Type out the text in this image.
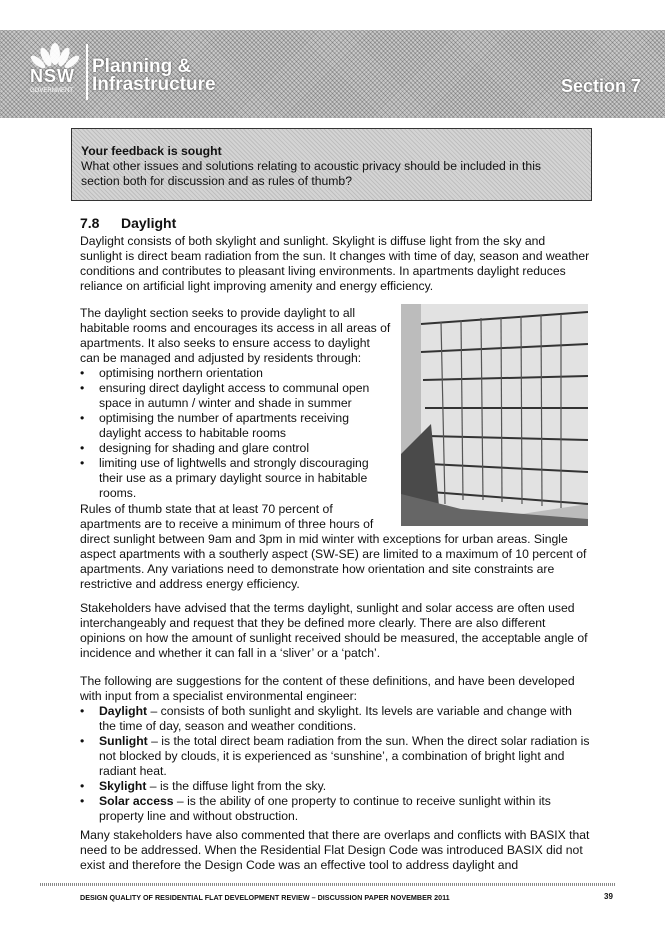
NSW
GOVERNMENT
Planning &
Infrastructure	Section 7
Your feedback is sought
What other issues and solutions relating to acoustic privacy should be included in this section both for discussion and as rules of thumb?
7.8 Daylight
Daylight consists of both skylight and sunlight. Skylight is diffuse light from the sky and sunlight is direct beam radiation from the sun. It changes with time of day, season and weather conditions and contributes to pleasant living environments. In apartments daylight reduces reliance on artificial light improving amenity and energy efficiency.
The daylight section seeks to provide daylight to all habitable rooms and encourages its access in all areas of apartments. It also seeks to ensure access to daylight can be managed and adjusted by residents through:
• optimising northern orientation
• ensuring direct daylight access to communal open space in autumn / winter and shade in summer
• optimising the number of apartments receiving daylight access to habitable rooms
• designing for shading and glare control
• limiting use of lightwells and strongly discouraging their use as a primary daylight source in habitable rooms.
Rules of thumb state that at least 70 percent of
apartments are to receive a minimum of three hours of
direct sunlight between 9am and 3pm in mid winter with exceptions for urban areas. Single aspect apartments with a southerly aspect (SW-SE) are limited to a maximum of 10 percent of apartments. Any variations need to demonstrate how orientation and site constraints are restrictive and address energy efficiency.
Stakeholders have advised that the terms daylight, sunlight and solar access are often used interchangeably and request that they be defined more clearly. There are also different opinions on how the amount of sunlight received should be measured, the acceptable angle of incidence and whether it can fall in a ‘sliver’ or a ‘patch’.
The following are suggestions for the content of these definitions, and have been developed with input from a specialist environmental engineer:
• Daylight – consists of both sunlight and skylight. Its levels are variable and change with the time of day, season and weather conditions.
• Sunlight – is the total direct beam radiation from the sun. When the direct solar radiation is not blocked by clouds, it is experienced as ‘sunshine’, a combination of bright light and radiant heat.
• Skylight – is the diffuse light from the sky.
• Solar access – is the ability of one property to continue to receive sunlight within its property line and without obstruction.
Many stakeholders have also commented that there are overlaps and conflicts with BASIX that need to be addressed. When the Residential Flat Design Code was introduced BASIX did not exist and therefore the Design Code was an effective tool to address daylight and
DESIGN QUALITY OF RESIDENTIAL FLAT DEVELOPMENT REVIEW – DISCUSSION PAPER NOVEMBER 2011	39
